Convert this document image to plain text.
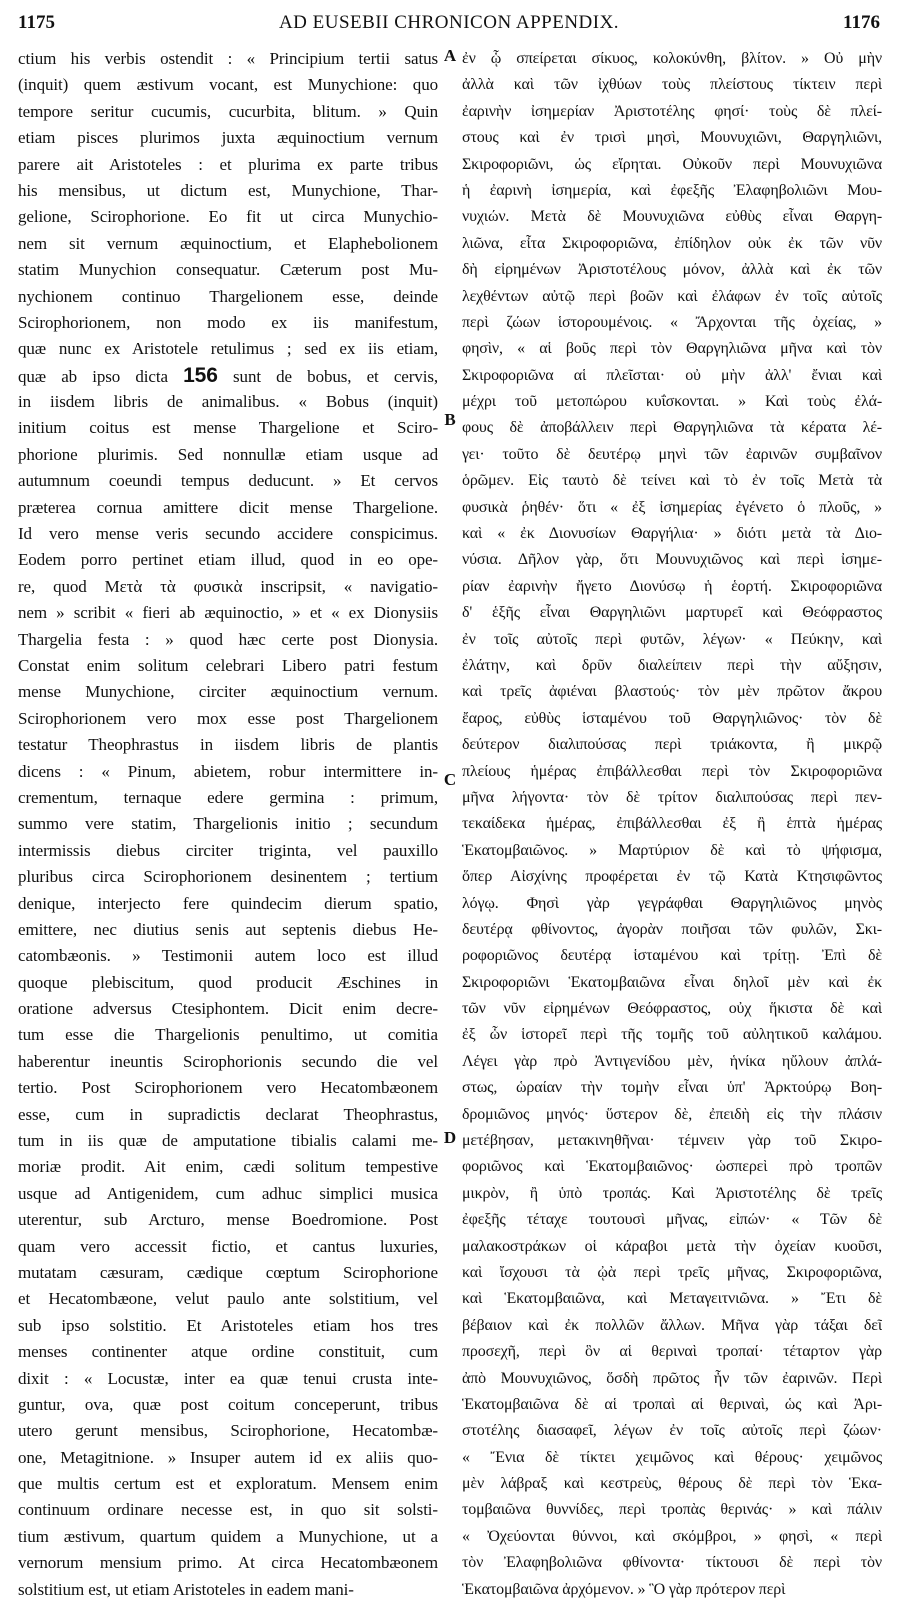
1175	AD EUSEBII CHRONICON APPENDIX.	1176
ctium his verbis ostendit : « Principium tertii satus
(inquit) quem æstivum vocant, est Munychione: quo
tempore seritur cucumis, cucurbita, blitum. » Quin
etiam pisces plurimos juxta æquinoctium vernum
parere ait Aristoteles : et plurima ex parte tribus
his mensibus, ut dictum est, Munychione, Thar-
gelione, Scirophorione. Eo fit ut circa Munychio-
nem sit vernum æquinoctium, et Elaphebolionem
statim Munychion consequatur. Cæterum post Mu-
nychionem continuo Thargelionem esse, deinde
Scirophorionem, non modo ex iis manifestum,
quæ nunc ex Aristotele retulimus ; sed ex iis etiam,
quæ ab ipso dicta 156 sunt de bobus, et cervis,
in iisdem libris de animalibus. « Bobus (inquit)
initium coitus est mense Thargelione et Sciro-
phorione plurimis. Sed nonnullæ etiam usque ad
autumnum coeundi tempus deducunt. » Et cervos
præterea cornua amittere dicit mense Thargelione.
Id vero mense veris secundo accidere conspicimus.
Eodem porro pertinet etiam illud, quod in eo ope-
re, quod Μετὰ τὰ φυσικὰ inscripsit, « navigatio-
nem » scribit « fieri ab æquinoctio, » et « ex Dionysiis
Thargelia festa : » quod hæc certe post Dionysia.
Constat enim solitum celebrari Libero patri festum
mense Munychione, circiter æquinoctium vernum.
Scirophorionem vero mox esse post Thargelionem
testatur Theophrastus in iisdem libris de plantis
dicens : « Pinum, abietem, robur intermittere in-
crementum, ternaque edere germina : primum,
summo vere statim, Thargelionis initio ; secundum
intermissis diebus circiter triginta, vel pauxillo
pluribus circa Scirophorionem desinentem ; tertium
denique, interjecto fere quindecim dierum spatio,
emittere, nec diutius senis aut septenis diebus He-
catombæonis. » Testimonii autem loco est illud
quoque plebiscitum, quod producit Æschines in
oratione adversus Ctesiphontem. Dicit enim decre-
tum esse die Thargelionis penultimo, ut comitia
haberentur ineuntis Scirophorionis secundo die vel
tertio. Post Scirophorionem vero Hecatombæonem
esse, cum in supradictis declarat Theophrastus,
tum in iis quæ de amputatione tibialis calami me-
moriæ prodit. Ait enim, cædi solitum tempestive
usque ad Antigenidem, cum adhuc simplici musica
uterentur, sub Arcturo, mense Boedromione. Post
quam vero accessit fictio, et cantus luxuries,
mutatam cæsuram, cædique cœptum Scirophorione
et Hecatombæone, velut paulo ante solstitium, vel
sub ipso solstitio. Et Aristoteles etiam hos tres
menses continenter atque ordine constituit, cum
dixit : « Locustæ, inter ea quæ tenui crusta inte-
guntur, ova, quæ post coitum conceperunt, tribus
utero gerunt mensibus, Scirophorione, Hecatombæ-
one, Metagitnione. » Insuper autem id ex aliis quo-
que multis certum est et exploratum. Mensem enim
continuum ordinare necesse est, in quo sit solsti-
tium æstivum, quartum quidem a Munychione, ut a
vernorum mensium primo. At circa Hecatombæonem
solstitium est, ut etiam Aristoteles in eadem mani-
ἐν ᾧ σπείρεται σίκυος, κολοκύνθη, βλίτον. » Οὐ μὴν
ἀλλὰ καὶ τῶν ἰχθύων τοὺς πλείστους τίκτειν περὶ
ἐαρινὴν ἰσημερίαν Ἀριστοτέλης φησί· τοὺς δὲ πλεί-
στους καὶ ἐν τρισὶ μησὶ, Μουνυχιῶνι, Θαργηλιῶνι,
Σκιροφοριῶνι, ὡς εἴρηται. Οὐκοῦν περὶ Μουνυχιῶνα
ἡ ἐαρινὴ ἰσημερία, καὶ ἐφεξῆς Ἐλαφηβολιῶνι Μου-
νυχιών. Μετὰ δὲ Μουνυχιῶνα εὐθὺς εἶναι Θαργη-
λιῶνα, εἶτα Σκιροφοριῶνα, ἐπίδηλον οὐκ ἐκ τῶν νῦν
δὴ εἰρημένων Ἀριστοτέλους μόνον, ἀλλὰ καὶ ἐκ τῶν
λεχθέντων αὐτῷ περὶ βοῶν καὶ ἐλάφων ἐν τοῖς αὐτοῖς
περὶ ζώων ἱστορουμένοις. « Ἄρχονται τῆς ὀχείας, »
φησὶν, « αἱ βοῦς περὶ τὸν Θαργηλιῶνα μῆνα καὶ τὸν
Σκιροφοριῶνα αἱ πλεῖσται· οὐ μὴν ἀλλ' ἔνιαι καὶ
μέχρι τοῦ μετοπώρου κυΐσκονται. » Καὶ τοὺς ἐλά-
φους δὲ ἀποβάλλειν περὶ Θαργηλιῶνα τὰ κέρατα λέ-
γει· τοῦτο δὲ δευτέρῳ μηνὶ τῶν ἐαρινῶν συμβαῖνον
ὁρῶμεν. Εἰς ταυτὸ δὲ τείνει καὶ τὸ ἐν τοῖς Μετὰ τὰ
φυσικὰ ῥηθέν· ὅτι « ἐξ ἰσημερίας ἐγένετο ὁ πλοῦς, »
καὶ « ἐκ Διονυσίων Θαργήλια· » διότι μετὰ τὰ Διο-
νύσια. Δῆλον γὰρ, ὅτι Μουνυχιῶνος καὶ περὶ ἰσημε-
ρίαν ἐαρινὴν ἤγετο Διονύσῳ ἡ ἑορτή. Σκιροφοριῶνα
δ' ἑξῆς εἶναι Θαργηλιῶνι μαρτυρεῖ καὶ Θεόφραστος
ἐν τοῖς αὐτοῖς περὶ φυτῶν, λέγων· « Πεύκην, καὶ
ἐλάτην, καὶ δρῦν διαλείπειν περὶ τὴν αὔξησιν,
καὶ τρεῖς ἀφιέναι βλαστούς· τὸν μὲν πρῶτον ἄκρου
ἔαρος, εὐθὺς ἱσταμένου τοῦ Θαργηλιῶνος· τὸν δὲ
δεύτερον διαλιπούσας περὶ τριάκοντα, ἢ μικρῷ
πλείους ἡμέρας ἐπιβάλλεσθαι περὶ τὸν Σκιροφοριῶνα
μῆνα λήγοντα· τὸν δὲ τρίτον διαλιπούσας περὶ πεν-
τεκαίδεκα ἡμέρας, ἐπιβάλλεσθαι ἐξ ἢ ἑπτὰ ἡμέρας
Ἑκατομβαιῶνος. » Μαρτύριον δὲ καὶ τὸ ψήφισμα,
ὅπερ Αἰσχίνης προφέρεται ἐν τῷ Κατὰ Κτησιφῶντος
λόγῳ. Φησὶ γὰρ γεγράφθαι Θαργηλιῶνος μηνὸς
δευτέρᾳ φθίνοντος, ἀγορὰν ποιῆσαι τῶν φυλῶν, Σκι-
ροφοριῶνος δευτέρᾳ ἱσταμένου καὶ τρίτῃ. Ἐπὶ δὲ
Σκιροφοριῶνι Ἑκατομβαιῶνα εἶναι δηλοῖ μὲν καὶ ἐκ
τῶν νῦν εἰρημένων Θεόφραστος, οὐχ ἥκιστα δὲ καὶ
ἐξ ὧν ἱστορεῖ περὶ τῆς τομῆς τοῦ αὐλητικοῦ καλάμου.
Λέγει γὰρ πρὸ Ἀντιγενίδου μὲν, ἡνίκα ηὔλουν ἀπλά-
στως, ὡραίαν τὴν τομὴν εἶναι ὑπ' Ἀρκτούρῳ Βοη-
δρομιῶνος μηνός· ὕστερον δὲ, ἐπειδὴ εἰς τὴν πλάσιν
μετέβησαν, μετακινηθῆναι· τέμνειν γὰρ τοῦ Σκιρο-
φοριῶνος καὶ Ἑκατομβαιῶνος· ὡσπερεὶ πρὸ τροπῶν
μικρὸν, ἢ ὑπὸ τροπάς. Καὶ Ἀριστοτέλης δὲ τρεῖς
ἐφεξῆς τέταχε τουτουσὶ μῆνας, εἰπών· « Τῶν δὲ
μαλακοστράκων οἱ κάραβοι μετὰ τὴν ὀχείαν κυοῦσι,
καὶ ἴσχουσι τὰ ᾠὰ περὶ τρεῖς μῆνας, Σκιροφοριῶνα,
καὶ Ἑκατομβαιῶνα, καὶ Μεταγειτνιῶνα. » Ἔτι δὲ
βέβαιον καὶ ἐκ πολλῶν ἄλλων. Μῆνα γὰρ τάξαι δεῖ
προσεχῆ, περὶ ὃν αἱ θεριναὶ τροπαί· τέταρτον γὰρ
ἀπὸ Μουνυχιῶνος, ὅσδὴ πρῶτος ἦν τῶν ἐαρινῶν. Περὶ
Ἑκατομβαιῶνα δὲ αἱ τροπαὶ αἱ θεριναὶ, ὡς καὶ Ἀρι-
στοτέλης διασαφεῖ, λέγων ἐν τοῖς αὐτοῖς περὶ ζώων·
« Ἔνια δὲ τίκτει χειμῶνος καὶ θέρους· χειμῶνος
μὲν λάβραξ καὶ κεστρεὺς, θέρους δὲ περὶ τὸν Ἑκα-
τομβαιῶνα θυννίδες, περὶ τροπὰς θερινάς· » καὶ πάλιν
« Ὀχεύονται θύννοι, καὶ σκόμβροι, » φησὶ, « περὶ
τὸν Ἐλαφηβολιῶνα φθίνοντα· τίκτουσι δὲ περὶ τὸν
Ἑκατομβαιῶνα ἀρχόμενον. » Ὃ γὰρ πρότερον περὶ
A
B
C
D
